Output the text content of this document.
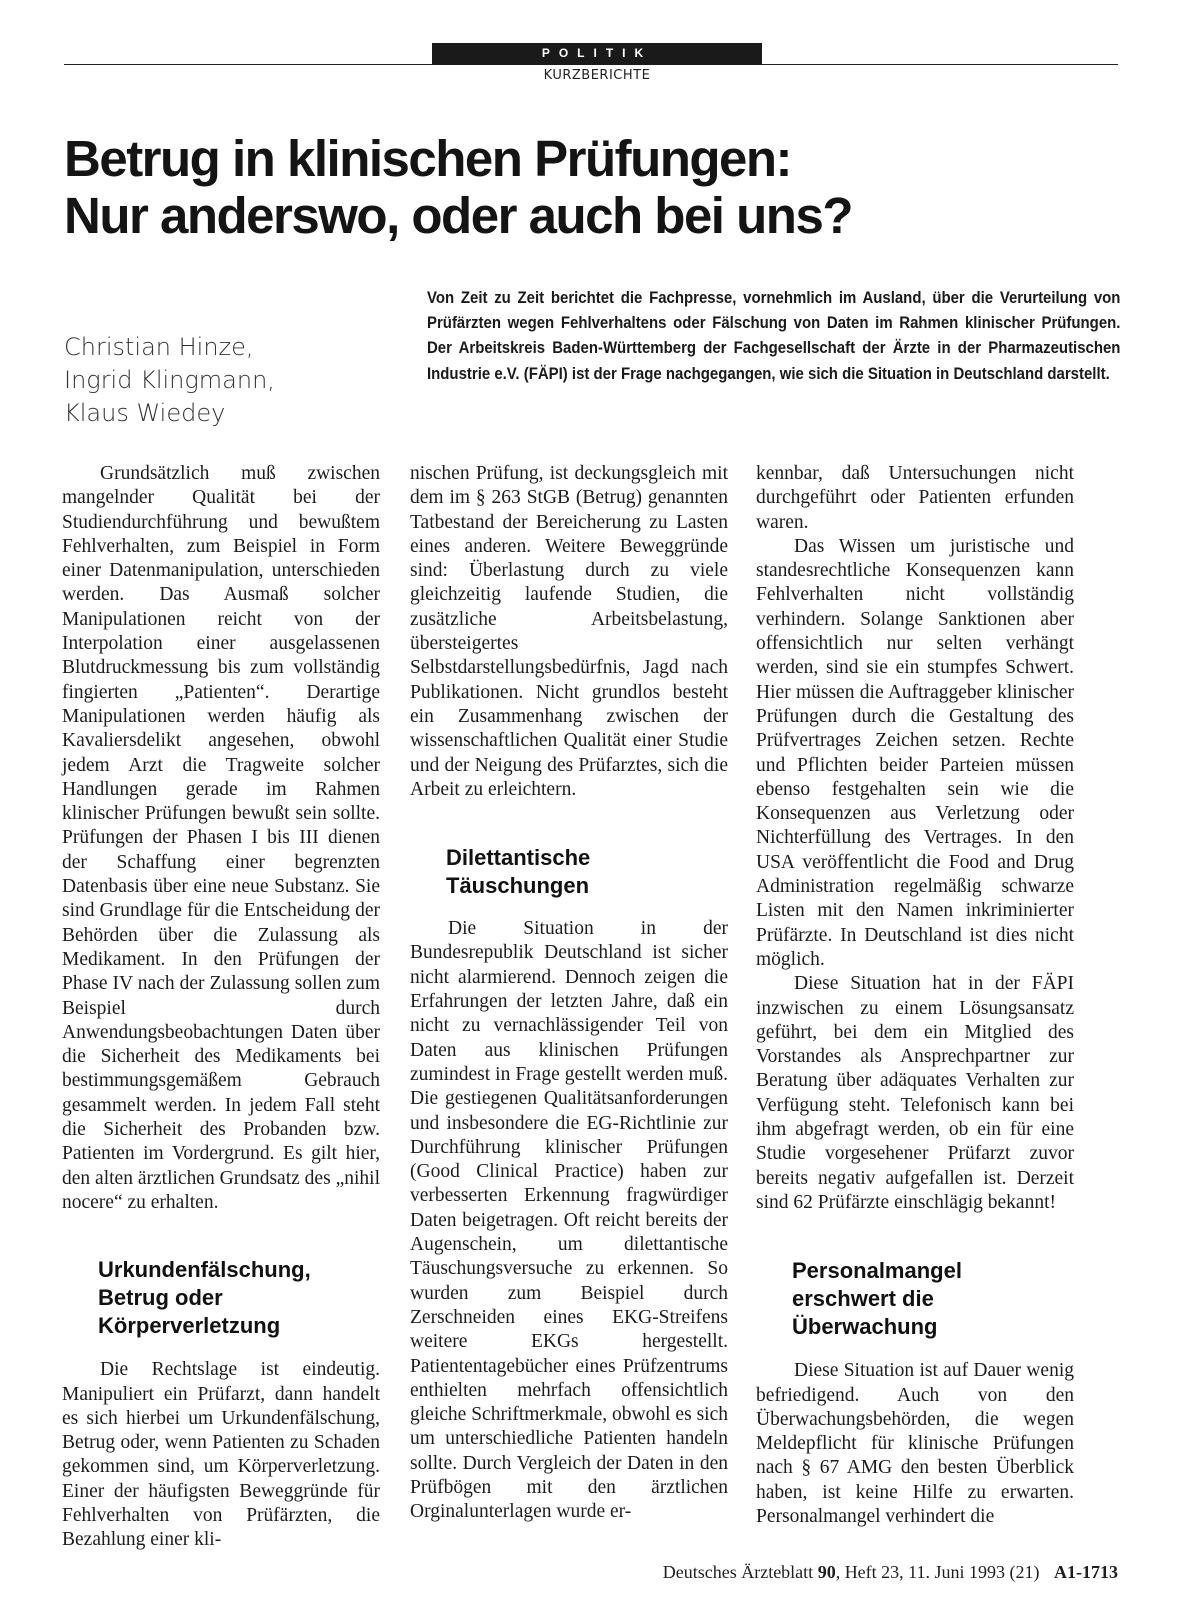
POLITIK
KURZBERICHTE
Betrug in klinischen Prüfungen:
Nur anderswo, oder auch bei uns?
Christian Hinze,
Ingrid Klingmann,
Klaus Wiedey

Von Zeit zu Zeit berichtet die Fachpresse, vornehmlich im Ausland, über die Verurteilung von Prüfärzten wegen Fehlverhaltens oder Fälschung von Daten im Rahmen klinischer Prüfungen. Der Arbeitskreis Baden-Württemberg der Fachgesellschaft der Ärzte in der Pharmazeutischen Industrie e.V. (FÄPI) ist der Frage nachgegangen, wie sich die Situation in Deutschland darstellt.

Grundsätzlich muß zwischen mangelnder Qualität bei der Studiendurchführung und bewußtem Fehlverhalten, zum Beispiel in Form einer Datenmanipulation, unterschieden werden. Das Ausmaß solcher Manipulationen reicht von der Interpolation einer ausgelassenen Blutdruckmessung bis zum vollständig fingierten „Patienten“. Derartige Manipulationen werden häufig als Kavaliersdelikt angesehen, obwohl jedem Arzt die Tragweite solcher Handlungen gerade im Rahmen klinischer Prüfungen bewußt sein sollte. Prüfungen der Phasen I bis III dienen der Schaffung einer begrenzten Datenbasis über eine neue Substanz. Sie sind Grundlage für die Entscheidung der Behörden über die Zulassung als Medikament. In den Prüfungen der Phase IV nach der Zulassung sollen zum Beispiel durch Anwendungsbeobachtungen Daten über die Sicherheit des Medikaments bei bestimmungsgemäßem Gebrauch gesammelt werden. In jedem Fall steht die Sicherheit des Probanden bzw. Patienten im Vordergrund. Es gilt hier, den alten ärztlichen Grundsatz des „nihil nocere“ zu erhalten.

Urkundenfälschung, Betrug oder Körperverletzung

Die Rechtslage ist eindeutig. Manipuliert ein Prüfarzt, dann handelt es sich hierbei um Urkundenfälschung, Betrug oder, wenn Patienten zu Schaden gekommen sind, um Körperverletzung. Einer der häufigsten Beweggründe für Fehlverhalten von Prüfärzten, die Bezahlung einer kli-

nischen Prüfung, ist deckungsgleich mit dem im § 263 StGB (Betrug) genannten Tatbestand der Bereicherung zu Lasten eines anderen. Weitere Beweggründe sind: Überlastung durch zu viele gleichzeitig laufende Studien, die zusätzliche Arbeitsbelastung, übersteigertes Selbstdarstellungsbedürfnis, Jagd nach Publikationen. Nicht grundlos besteht ein Zusammenhang zwischen der wissenschaftlichen Qualität einer Studie und der Neigung des Prüfarztes, sich die Arbeit zu erleichtern.

Dilettantische Täuschungen

Die Situation in der Bundesrepublik Deutschland ist sicher nicht alarmierend. Dennoch zeigen die Erfahrungen der letzten Jahre, daß ein nicht zu vernachlässigender Teil von Daten aus klinischen Prüfungen zumindest in Frage gestellt werden muß. Die gestiegenen Qualitätsanforderungen und insbesondere die EG-Richtlinie zur Durchführung klinischer Prüfungen (Good Clinical Practice) haben zur verbesserten Erkennung fragwürdiger Daten beigetragen. Oft reicht bereits der Augenschein, um dilettantische Täuschungsversuche zu erkennen. So wurden zum Beispiel durch Zerschneiden eines EKG-Streifens weitere EKGs hergestellt. Patiententagebücher eines Prüfzentrums enthielten mehrfach offensichtlich gleiche Schriftmerkmale, obwohl es sich um unterschiedliche Patienten handeln sollte. Durch Vergleich der Daten in den Prüfbögen mit den ärztlichen Orginalunterlagen wurde er-

kennbar, daß Untersuchungen nicht durchgeführt oder Patienten erfunden waren.

Das Wissen um juristische und standesrechtliche Konsequenzen kann Fehlverhalten nicht vollständig verhindern. Solange Sanktionen aber offensichtlich nur selten verhängt werden, sind sie ein stumpfes Schwert. Hier müssen die Auftraggeber klinischer Prüfungen durch die Gestaltung des Prüfvertrages Zeichen setzen. Rechte und Pflichten beider Parteien müssen ebenso festgehalten sein wie die Konsequenzen aus Verletzung oder Nichterfüllung des Vertrages. In den USA veröffentlicht die Food and Drug Administration regelmäßig schwarze Listen mit den Namen inkriminierter Prüfärzte. In Deutschland ist dies nicht möglich.

Diese Situation hat in der FÄPI inzwischen zu einem Lösungsansatz geführt, bei dem ein Mitglied des Vorstandes als Ansprechpartner zur Beratung über adäquates Verhalten zur Verfügung steht. Telefonisch kann bei ihm abgefragt werden, ob ein für eine Studie vorgesehener Prüfarzt zuvor bereits negativ aufgefallen ist. Derzeit sind 62 Prüfärzte einschlägig bekannt!

Personalmangel erschwert die Überwachung

Diese Situation ist auf Dauer wenig befriedigend. Auch von den Überwachungsbehörden, die wegen Meldepflicht für klinische Prüfungen nach § 67 AMG den besten Überblick haben, ist keine Hilfe zu erwarten. Personalmangel verhindert die

Deutsches Ärzteblatt 90, Heft 23, 11. Juni 1993 (21) A1-1713
